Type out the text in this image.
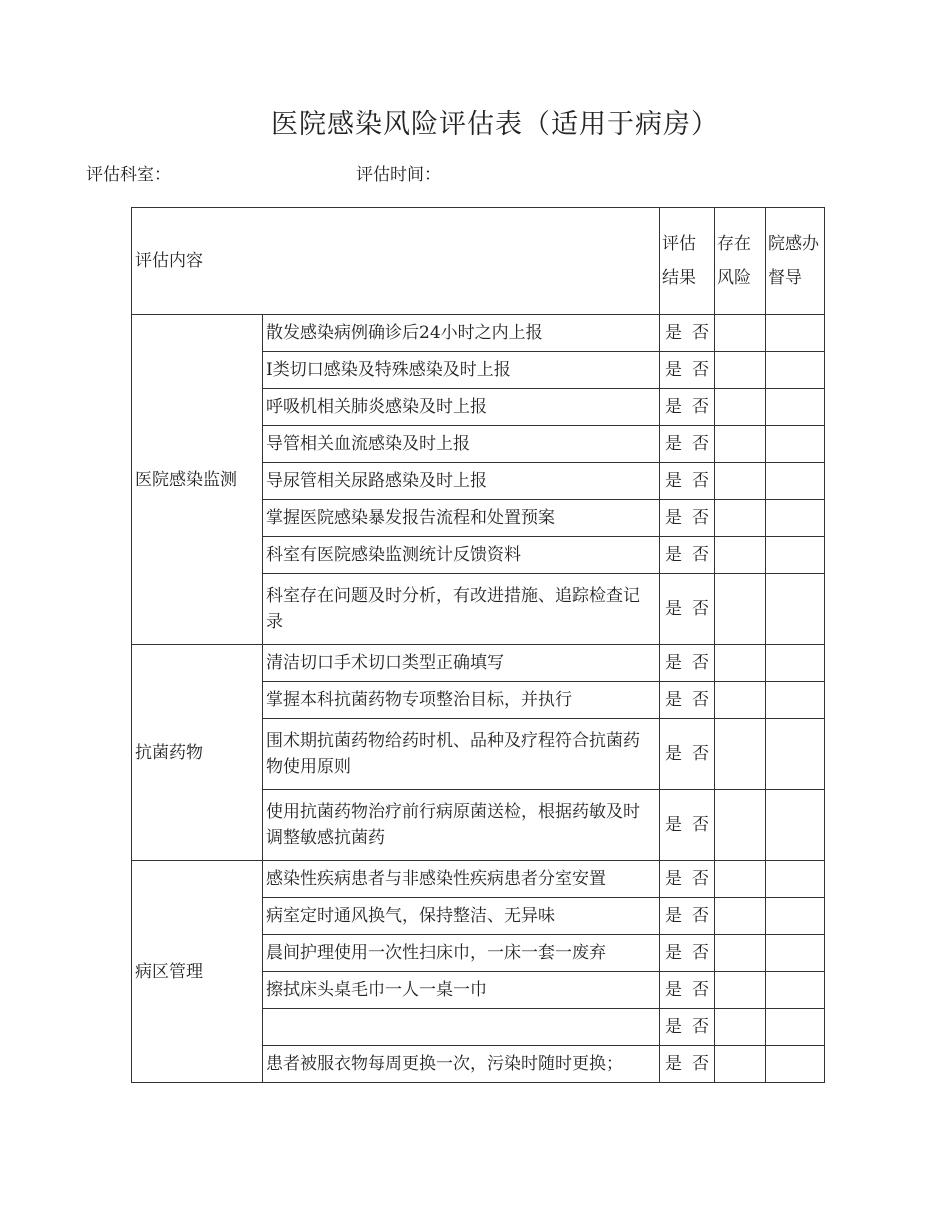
医院感染风险评估表（适用于病房）
评估科室：	评估时间：
评估内容		评估结果	存在风险	院感办督导
医院感染监测	散发感染病例确诊后24小时之内上报	是 否		
	I类切口感染及特殊感染及时上报	是 否		
	呼吸机相关肺炎感染及时上报	是 否		
	导管相关血流感染及时上报	是 否		
	导尿管相关尿路感染及时上报	是 否		
	掌握医院感染暴发报告流程和处置预案	是 否		
	科室有医院感染监测统计反馈资料	是 否		
	科室存在问题及时分析，有改进措施、追踪检查记录	是 否		
抗菌药物	清洁切口手术切口类型正确填写	是 否		
	掌握本科抗菌药物专项整治目标，并执行	是 否		
	围术期抗菌药物给药时机、品种及疗程符合抗菌药物使用原则	是 否		
	使用抗菌药物治疗前行病原菌送检，根据药敏及时调整敏感抗菌药	是 否		
病区管理	感染性疾病患者与非感染性疾病患者分室安置	是 否		
	病室定时通风换气，保持整洁、无异味	是 否		
	晨间护理使用一次性扫床巾，一床一套一废弃	是 否		
	擦拭床头桌毛巾一人一桌一巾	是 否		
		是 否		
	患者被服衣物每周更换一次，污染时随时更换；	是 否		
